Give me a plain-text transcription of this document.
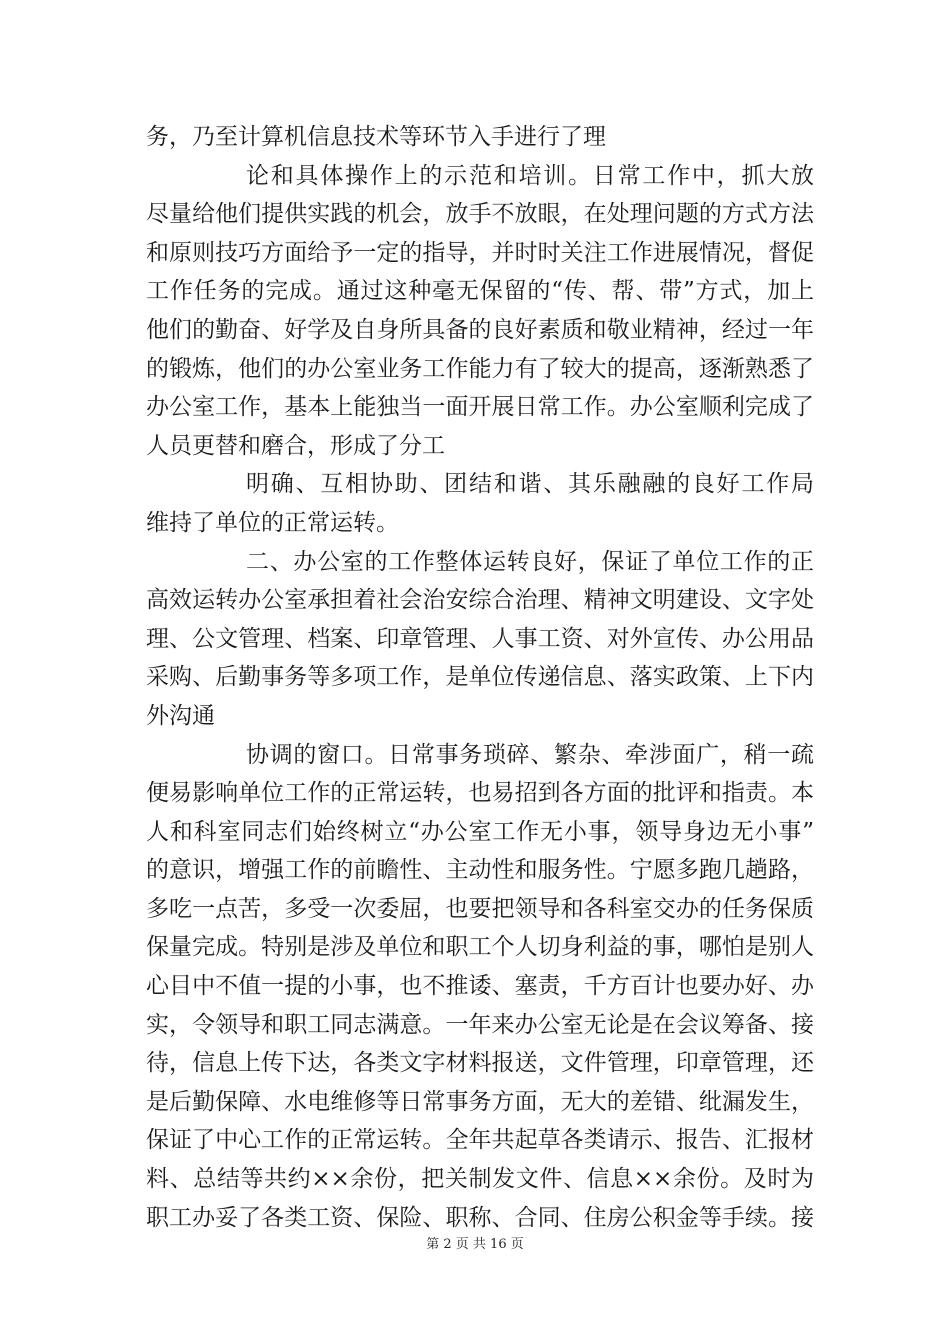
务，乃至计算机信息技术等环节入手进行了理
论和具体操作上的示范和培训。日常工作中，抓大放
尽量给他们提供实践的机会，放手不放眼，在处理问题的方式方法
和原则技巧方面给予一定的指导，并时时关注工作进展情况，督促
工作任务的完成。通过这种毫无保留的“传、帮、带”方式，加上
他们的勤奋、好学及自身所具备的良好素质和敬业精神，经过一年
的锻炼，他们的办公室业务工作能力有了较大的提高，逐渐熟悉了
办公室工作，基本上能独当一面开展日常工作。办公室顺利完成了
人员更替和磨合，形成了分工
明确、互相协助、团结和谐、其乐融融的良好工作局
维持了单位的正常运转。
二、办公室的工作整体运转良好，保证了单位工作的正
高效运转办公室承担着社会治安综合治理、精神文明建设、文字处
理、公文管理、档案、印章管理、人事工资、对外宣传、办公用品
采购、后勤事务等多项工作，是单位传递信息、落实政策、上下内
外沟通
协调的窗口。日常事务琐碎、繁杂、牵涉面广，稍一疏
便易影响单位工作的正常运转，也易招到各方面的批评和指责。本
人和科室同志们始终树立“办公室工作无小事，领导身边无小事”
的意识，增强工作的前瞻性、主动性和服务性。宁愿多跑几趟路，
多吃一点苦，多受一次委屈，也要把领导和各科室交办的任务保质
保量完成。特别是涉及单位和职工个人切身利益的事，哪怕是别人
心目中不值一提的小事，也不推诿、塞责，千方百计也要办好、办
实，令领导和职工同志满意。一年来办公室无论是在会议筹备、接
待，信息上传下达，各类文字材料报送，文件管理，印章管理，还
是后勤保障、水电维修等日常事务方面，无大的差错、纰漏发生，
保证了中心工作的正常运转。全年共起草各类请示、报告、汇报材
料、总结等共约××余份，把关制发文件、信息××余份。及时为
职工办妥了各类工资、保险、职称、合同、住房公积金等手续。接
第 2 页 共 16 页
